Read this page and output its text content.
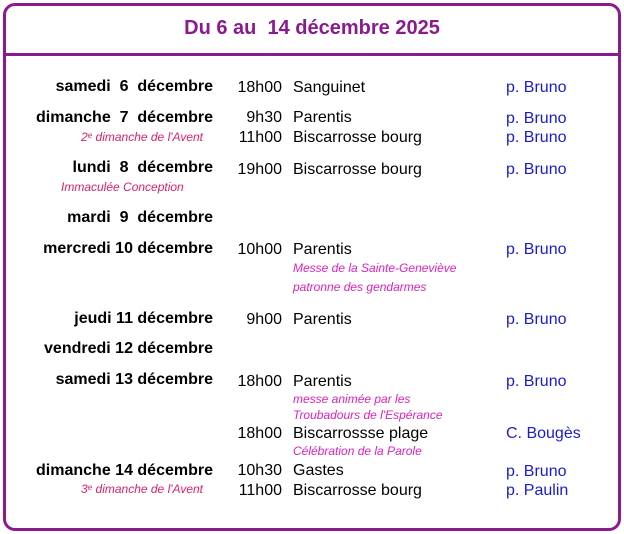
Du 6 au  14 décembre 2025
samedi  6  décembre 18h00 Sanguinet	p. Bruno
dimanche  7  décembre 9h30 Parentis	p. Bruno
2e dimanche de l'Avent 11h00 Biscarrosse bourg	p. Bruno
lundi  8  décembre 19h00 Biscarrosse bourg	p. Bruno
Immaculée Conception
mardi  9  décembre
mercredi 10 décembre 10h00 Parentis	p. Bruno
Messe de la Sainte-Geneviève
patronne des gendarmes
jeudi 11 décembre 9h00 Parentis	p. Bruno
vendredi 12 décembre
samedi 13 décembre 18h00 Parentis	p. Bruno
messe animée par les
Troubadours de l'Espérance
18h00 Biscarrossse plage	C. Bougès
Célébration de la Parole
dimanche 14 décembre 10h30 Gastes	p. Bruno
3e dimanche de l'Avent 11h00 Biscarrosse bourg	p. Paulin
